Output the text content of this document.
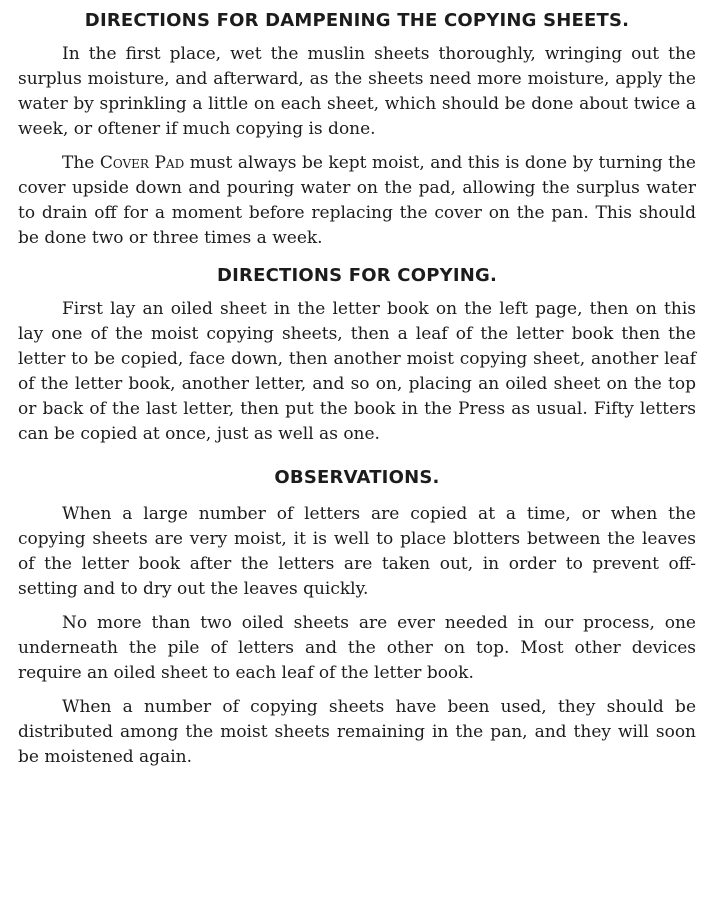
DIRECTIONS FOR DAMPENING THE COPYING SHEETS.

In the first place, wet the muslin sheets thoroughly, wringing out the surplus moisture, and afterward, as the sheets need more moisture, apply the water by sprinkling a little on each sheet, which should be done about twice a week, or oftener if much copying is done.

The Cover Pad must always be kept moist, and this is done by turning the cover upside down and pouring water on the pad, allowing the surplus water to drain off for a moment before replacing the cover on the pan. This should be done two or three times a week.

DIRECTIONS FOR COPYING.

First lay an oiled sheet in the letter book on the left page, then on this lay one of the moist copying sheets, then a leaf of the letter book then the letter to be copied, face down, then another moist copying sheet, another leaf of the letter book, another letter, and so on, placing an oiled sheet on the top or back of the last letter, then put the book in the Press as usual. Fifty letters can be copied at once, just as well as one.

OBSERVATIONS.

When a large number of letters are copied at a time, or when the copying sheets are very moist, it is well to place blotters between the leaves of the letter book after the letters are taken out, in order to prevent off-setting and to dry out the leaves quickly.

No more than two oiled sheets are ever needed in our process, one underneath the pile of letters and the other on top. Most other devices require an oiled sheet to each leaf of the letter book.

When a number of copying sheets have been used, they should be distributed among the moist sheets remaining in the pan, and they will soon be moistened again.
